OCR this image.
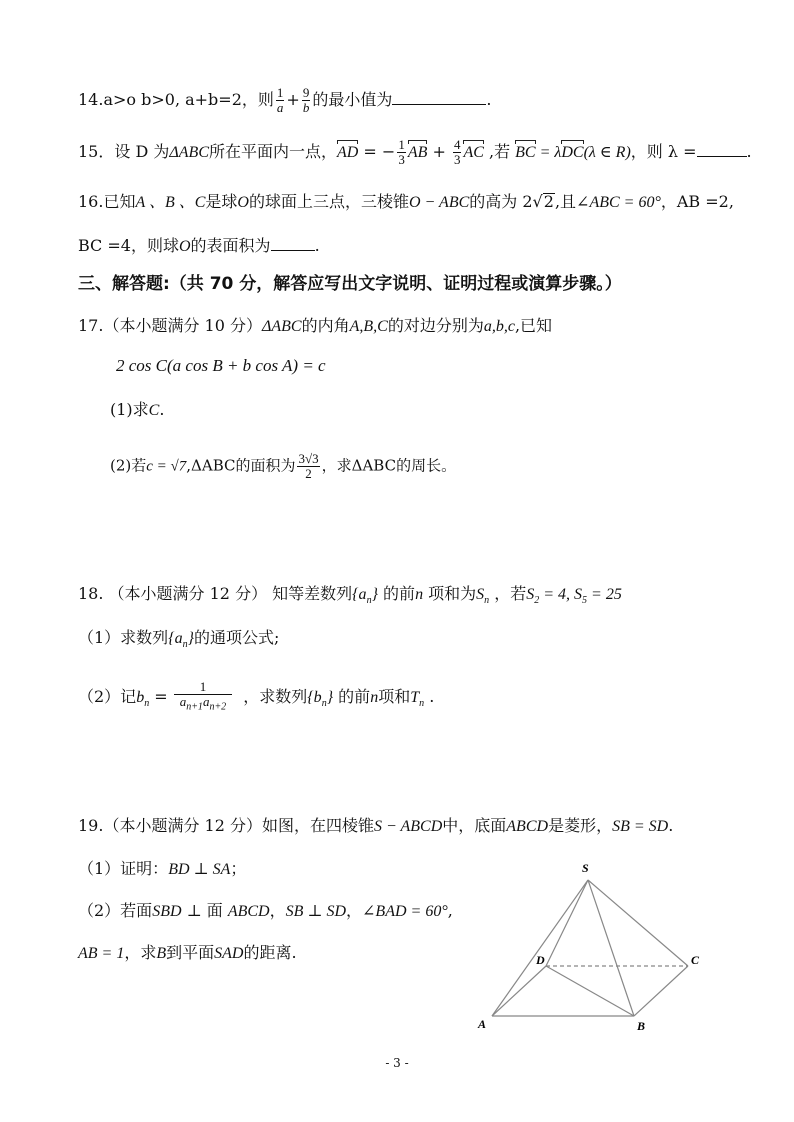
14.a>o b>0, a+b=2，则 $\frac{1}{a} + \frac{9}{b}$ 的最小值为	.
15．设 D 为ΔABC所在平面内一点，AD = − $\frac{1}{3}$ AB + $\frac{4}{3}$ AC ,若 BC = λDC(λ ∈ R)，则 λ =	.
16.已知A 、B 、C是球O的球面上三点，三棱锥O − ABC的高为 2√2,且∠ABC = 60°，AB =2,
BC =4，则球O的表面积为	.
三、解答题:（共 70 分，解答应写出文字说明、证明过程或演算步骤。）
17.（本小题满分 10 分）ΔABC的内角A,B,C的对边分别为a,b,c,已知
2 cos C(a cos B + b cos A) = c
(1)求C.
(2)若c = √7,ΔABC的面积为 $\frac{3√3}{2}$ ，求ΔABC的周长。
18. （本小题满分 12 分） 知等差数列$\{a_n\}$ 的前n 项和为$S_n$ ，若$S_2 = 4$, $S_5 = 25$
（1）求数列$\{a_n\}$的通项公式;
（2）记$b_n = \frac{1}{a_{n+1}a_{n+2}}$ ，求数列$\{b_n\}$ 的前n项和$T_n$ .
19.（本小题满分 12 分）如图，在四棱锥S − ABCD中，底面ABCD是菱形，SB = SD.
（1）证明：BD ⊥ SA；
（2）若面SBD ⊥ 面 ABCD，SB ⊥ SD，∠BAD = 60°,
AB = 1，求B到平面SAD的距离.
S
D	C
A	B
- 3 -
